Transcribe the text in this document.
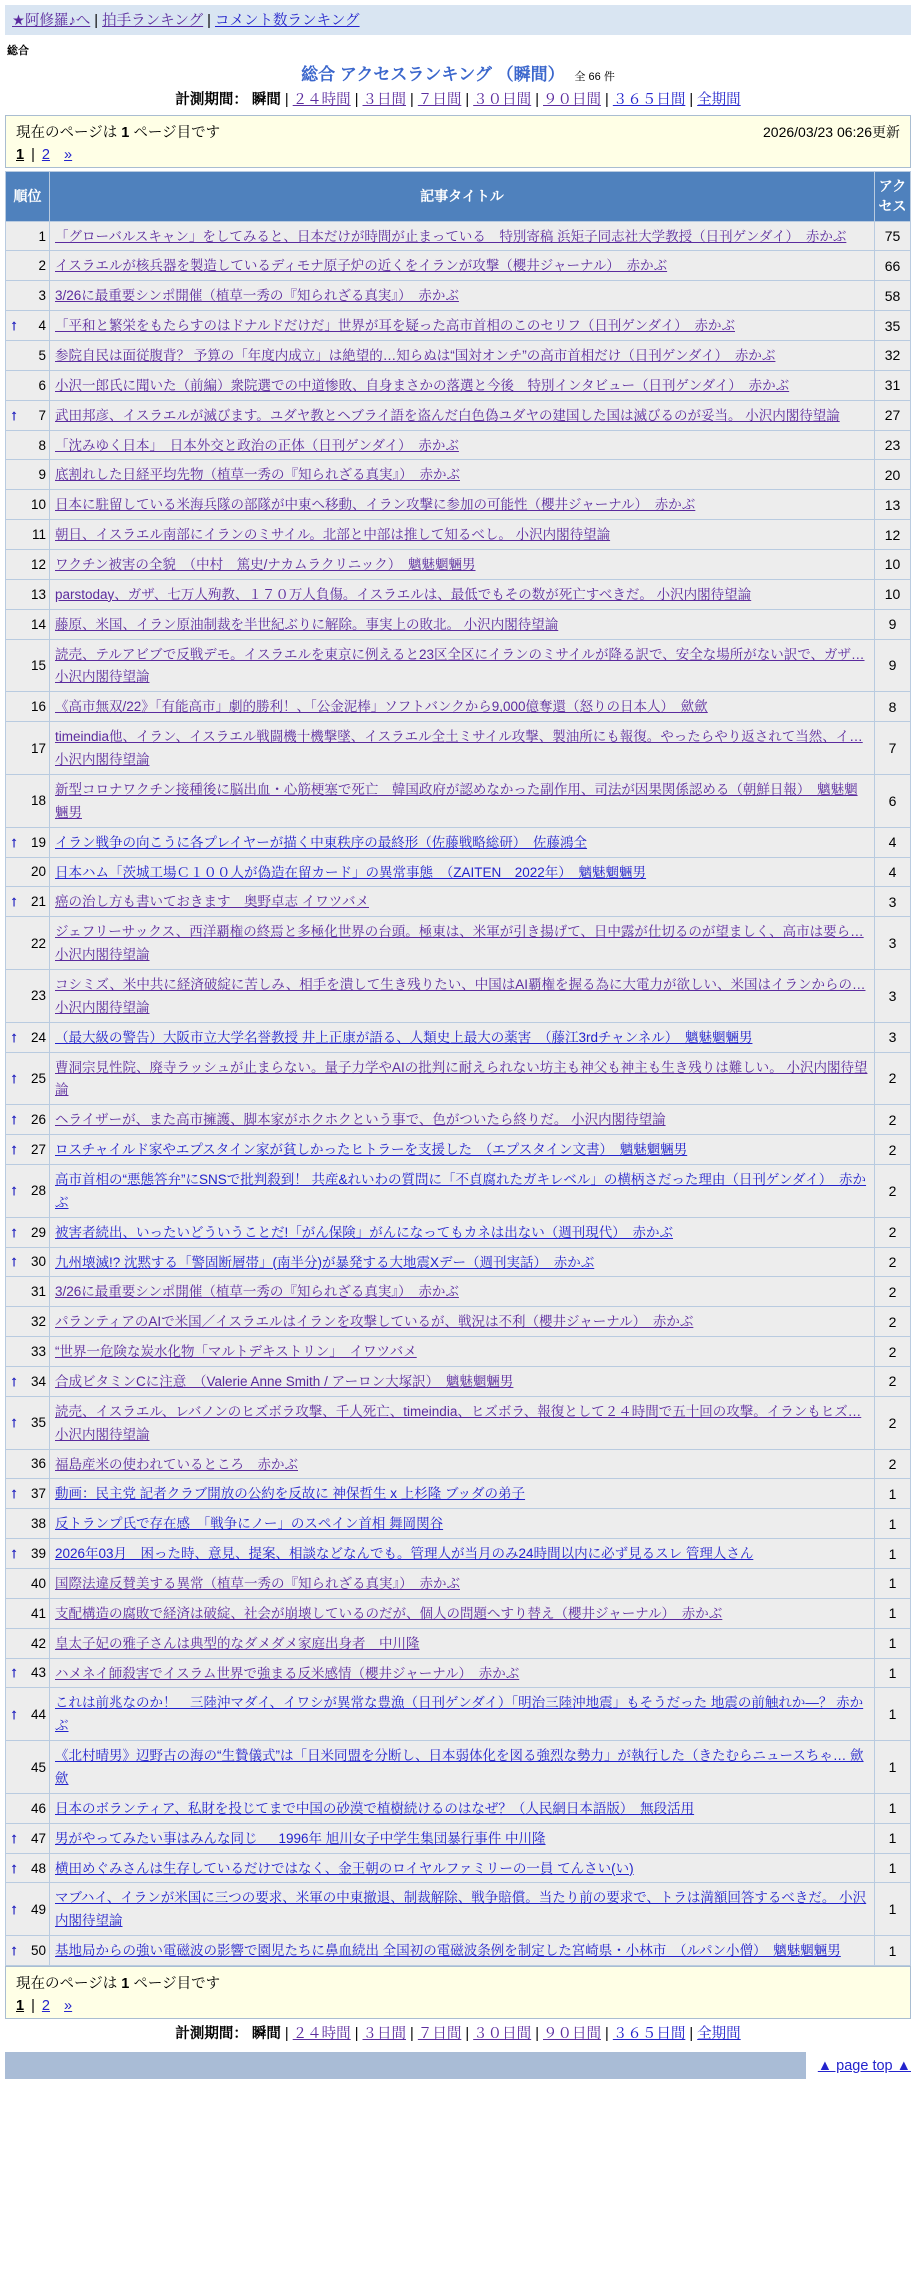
★阿修羅♪へ | 拍手ランキング | コメント数ランキング
総合
総合 アクセスランキング （瞬間） 全 66 件
計測期間： 瞬間 | ２４時間 | ３日間 | ７日間 | ３０日間 | ９０日間 | ３６５日間 | 全期間
現在のページは 1 ページ目です	2026/03/23 06:26更新
1 | 2 »
順位	記事タイトル	アクセス

1	「グローバルスキャン」をしてみると、日本だけが時間が止まっている　特別寄稿 浜矩子同志社大学教授（日刊ゲンダイ）　赤かぶ	75

2	イスラエルが核兵器を製造しているディモナ原子炉の近くをイランが攻撃（櫻井ジャーナル）　赤かぶ	66

3	3/26に最重要シンポ開催（植草一秀の『知られざる真実』）　赤かぶ	58

↑ 4	「平和と繁栄をもたらすのはドナルドだけだ」世界が耳を疑った高市首相のこのセリフ（日刊ゲンダイ）　赤かぶ	35

5	参院自民は面従腹背？ 予算の「年度内成立」は絶望的…知らぬは“国対オンチ”の高市首相だけ（日刊ゲンダイ）　赤かぶ	32

6	小沢一郎氏に聞いた（前編）衆院選での中道惨敗、自身まさかの落選と今後　特別インタビュー（日刊ゲンダイ）　赤かぶ	31

↑ 7	武田邦彦、イスラエルが滅びます。ユダヤ教とヘブライ語を盗んだ白色偽ユダヤの建国した国は滅びるのが妥当。 小沢内閣待望論	27

8	「沈みゆく日本」　日本外交と政治の正体（日刊ゲンダイ）　赤かぶ	23

9	底割れした日経平均先物（植草一秀の『知られざる真実』）　赤かぶ	20

10	日本に駐留している米海兵隊の部隊が中東へ移動、イラン攻撃に参加の可能性（櫻井ジャーナル）　赤かぶ	13

11	朝日、イスラエル南部にイランのミサイル。北部と中部は推して知るべし。 小沢内閣待望論	12

12	ワクチン被害の全貌　（中村　篤史/ナカムラクリニック）　魑魅魍魎男	10

13	parstoday、ガザ、七万人殉教、１７０万人負傷。イスラエルは、最低でもその数が死亡すべきだ。 小沢内閣待望論	10

14	藤原、米国、イラン原油制裁を半世紀ぶりに解除。事実上の敗北。 小沢内閣待望論	9

15	読売、テルアビブで反戦デモ。イスラエルを東京に例えると23区全区にイランのミサイルが降る訳で、安全な場所がない訳で、ガザ… 小沢内閣待望論	9

16	《高市無双/22》「有能高市」劇的勝利！、「公金泥棒」ソフトバンクから9,000億奪還（怒りの日本人）　歛歛	8

17	timeindia他、イラン、イスラエル戦闘機十機撃墜、イスラエル全土ミサイル攻撃、製油所にも報復。やったらやり返されて当然、イ… 小沢内閣待望論	7

18	新型コロナワクチン接種後に脳出血・心筋梗塞で死亡　韓国政府が認めなかった副作用、司法が因果関係認める（朝鮮日報）　魑魅魍魎男	6

↑ 19	イラン戦争の向こうに各プレイヤーが描く中東秩序の最終形（佐藤戦略総研）　佐藤鴻全	4

20	日本ハム「茨城工場Ｃ１００人が偽造在留カード」の異常事態　（ZAITEN　2022年）　魑魅魍魎男	4

↑ 21	癌の治し方も書いておきます　奥野卓志 イワツバメ	3

22	ジェフリーサックス、西洋覇権の終焉と多極化世界の台頭。極東は、米軍が引き揚げて、日中露が仕切るのが望ましく、高市は要ら… 小沢内閣待望論	3

23	コシミズ、米中共に経済破綻に苦しみ、相手を潰して生き残りたい、中国はAI覇権を握る為に大電力が欲しい、米国はイランからの… 小沢内閣待望論	3

↑ 24	（最大級の警告）大阪市立大学名誉教授 井上正康が語る、人類史上最大の薬害　（藤江3rdチャンネル）　魑魅魍魎男	3

↑ 25	曹洞宗見性院、廃寺ラッシュが止まらない。量子力学やAIの批判に耐えられない坊主も神父も神主も生き残りは難しい。 小沢内閣待望論	2

↑ 26	ヘライザーが、また高市擁護、脚本家がホクホクという事で、色がついたら終りだ。 小沢内閣待望論	2

↑ 27	ロスチャイルド家やエプスタイン家が貧しかったヒトラーを支援した　（エプスタイン文書）　魑魅魍魎男	2

↑ 28	高市首相の“悪態答弁”にSNSで批判殺到！ 共産&れいわの質問に「不貞腐れたガキレベル」の横柄さだった理由（日刊ゲンダイ）　赤かぶ	2

↑ 29	被害者続出、いったいどういうことだ!「がん保険」がんになってもカネは出ない（週刊現代）　赤かぶ	2

↑ 30	九州壊滅!? 沈黙する「警固断層帯」(南半分)が暴発する大地震Xデー（週刊実話）　赤かぶ	2

31	3/26に最重要シンポ開催（植草一秀の『知られざる真実』）　赤かぶ	2

32	パランティアのAIで米国／イスラエルはイランを攻撃しているが、戦況は不利（櫻井ジャーナル）　赤かぶ	2

33	“世界一危険な炭水化物「マルトデキストリン」　イワツバメ	2

↑ 34	合成ビタミンCに注意　（Valerie Anne Smith / アーロン大塚訳）　魑魅魍魎男	2

↑ 35	読売、イスラエル、レバノンのヒズボラ攻撃、千人死亡、timeindia、ヒズボラ、報復として２４時間で五十回の攻撃。イランもヒズ… 小沢内閣待望論	2

36	福島産米の使われているところ　赤かぶ	2

↑ 37	動画：民主党 記者クラブ開放の公約を反故に 神保哲生 x 上杉隆 ブッダの弟子	1

38	反トランプ氏で存在感　「戦争にノー」のスペイン首相 舞岡関谷	1

↑ 39	2026年03月　困った時、意見、提案、相談などなんでも。管理人が当月のみ24時間以内に必ず見るスレ 管理人さん	1

40	国際法違反賛美する異常（植草一秀の『知られざる真実』）　赤かぶ	1

41	支配構造の腐敗で経済は破綻、社会が崩壊しているのだが、個人の問題へすり替え（櫻井ジャーナル）　赤かぶ	1

42	皇太子妃の雅子さんは典型的なダメダメ家庭出身者　中川隆	1

↑ 43	ハメネイ師殺害でイスラム世界で強まる反米感情（櫻井ジャーナル）　赤かぶ	1

↑ 44	これは前兆なのか！　三陸沖マダイ、イワシが異常な豊漁（日刊ゲンダイ）「明治三陸沖地震」もそうだった 地震の前触れか―？ 赤かぶ	1

45	《北村晴男》辺野古の海の“生贄儀式”は「日米同盟を分断し、日本弱体化を図る強烈な勢力」が執行した（きたむらニュースちゃ… 歛歛	1

46	日本のボランティア、私財を投じてまで中国の砂漠で植樹続けるのはなぜ？（人民網日本語版）　無段活用	1

↑ 47	男がやってみたい事はみんな同じ ＿ 1996年 旭川女子中学生集団暴行事件 中川隆	1

↑ 48	横田めぐみさんは生存しているだけではなく、金王朝のロイヤルファミリーの一員 てんさい(い)	1

↑ 49	マブハイ、イランが米国に三つの要求、米軍の中東撤退、制裁解除、戦争賠償。当たり前の要求で、トラは満額回答するべきだ。 小沢内閣待望論	1

↑ 50	基地局からの強い電磁波の影響で園児たちに鼻血続出 全国初の電磁波条例を制定した宮崎県・小林市　（ルパン小僧）　魑魅魍魎男	1
現在のページは 1 ページ目です
1 | 2 »
計測期間： 瞬間 | ２４時間 | ３日間 | ７日間 | ３０日間 | ９０日間 | ３６５日間 | 全期間
▲ page top ▲
